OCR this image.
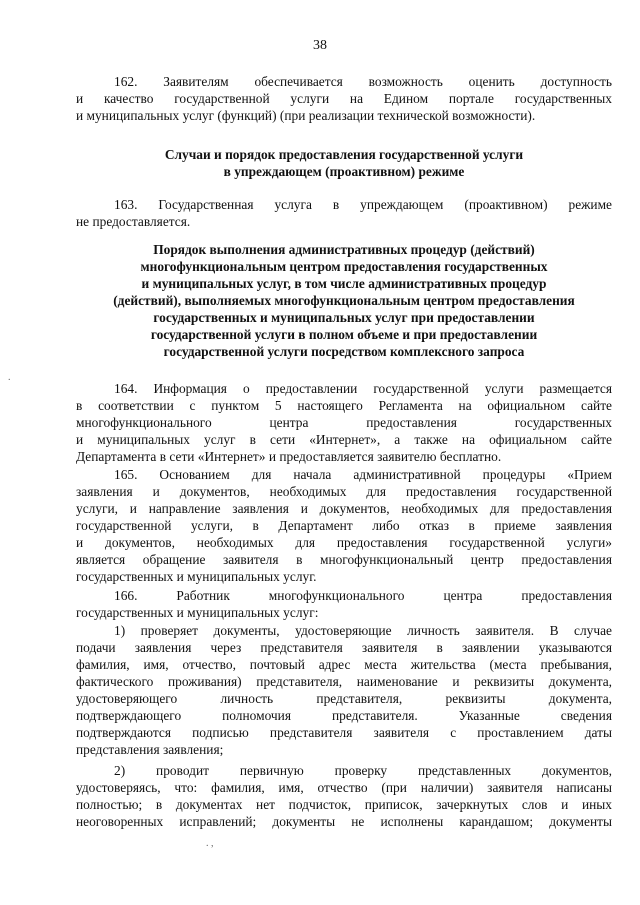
38

162. Заявителям обеспечивается возможность оценить доступность
и качество государственной услуги на Едином портале государственных
и муниципальных услуг (функций) (при реализации технической возможности).

Случаи и порядок предоставления государственной услуги
в упреждающем (проактивном) режиме

163. Государственная услуга в упреждающем (проактивном) режиме
не предоставляется.

Порядок выполнения административных процедур (действий)
многофункциональным центром предоставления государственных
и муниципальных услуг, в том числе административных процедур
(действий), выполняемых многофункциональным центром предоставления
государственных и муниципальных услуг при предоставлении
государственной услуги в полном объеме и при предоставлении
государственной услуги посредством комплексного запроса

164. Информация о предоставлении государственной услуги размещается
в соответствии с пунктом 5 настоящего Регламента на официальном сайте
многофункционального центра предоставления государственных
и муниципальных услуг в сети «Интернет», а также на официальном сайте
Департамента в сети «Интернет» и предоставляется заявителю бесплатно.

165. Основанием для начала административной процедуры «Прием
заявления и документов, необходимых для предоставления государственной
услуги, и направление заявления и документов, необходимых для предоставления
государственной услуги, в Департамент либо отказ в приеме заявления
и документов, необходимых для предоставления государственной услуги»
является обращение заявителя в многофункциональный центр предоставления
государственных и муниципальных услуг.

166. Работник многофункционального центра предоставления
государственных и муниципальных услуг:

1) проверяет документы, удостоверяющие личность заявителя. В случае
подачи заявления через представителя заявителя в заявлении указываются
фамилия, имя, отчество, почтовый адрес места жительства (места пребывания,
фактического проживания) представителя, наименование и реквизиты документа,
удостоверяющего личность представителя, реквизиты документа,
подтверждающего полномочия представителя. Указанные сведения
подтверждаются подписью представителя заявителя с проставлением даты
представления заявления;

2) проводит первичную проверку представленных документов,
удостоверяясь, что: фамилия, имя, отчество (при наличии) заявителя написаны
полностью; в документах нет подчисток, приписок, зачеркнутых слов и иных
неоговоренных исправлений; документы не исполнены карандашом; документы

.
. ,
